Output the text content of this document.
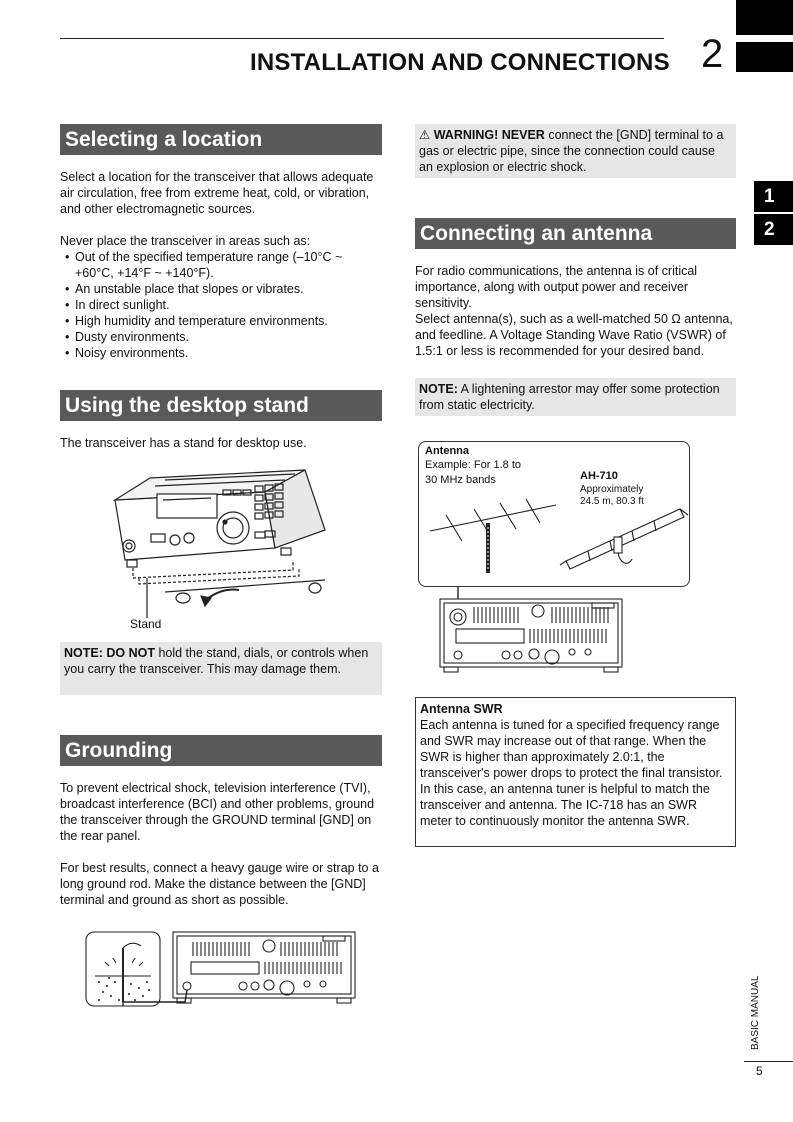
INSTALLATION AND CONNECTIONS 2
1
2
Selecting a location

Select a location for the transceiver that allows adequate air circulation, free from extreme heat, cold, or vibration, and other electromagnetic sources.

Never place the transceiver in areas such as:

• Out of the specified temperature range (–10°C ~ +60°C, +14°F ~ +140°F).
• An unstable place that slopes or vibrates.
• In direct sunlight.
• High humidity and temperature environments.
• Dusty environments.
• Noisy environments.
Using the desktop stand
The transceiver has a stand for desktop use.
Stand
NOTE: DO NOT hold the stand, dials, or controls when you carry the transceiver. This may damage them.
Grounding

To prevent electrical shock, television interference (TVI), broadcast interference (BCI) and other problems, ground the transceiver through the GROUND terminal [GND] on the rear panel.

For best results, connect a heavy gauge wire or strap to a long ground rod. Make the distance between the [GND] terminal and ground as short as possible.

⚠ WARNING! NEVER connect the [GND] terminal to a gas or electric pipe, since the connection could cause an explosion or electric shock.
Connecting an antenna

For radio communications, the antenna is of critical importance, along with output power and receiver sensitivity.

Select antenna(s), such as a well-matched 50 Ω antenna, and feedline. A Voltage Standing Wave Ratio (VSWR) of 1.5:1 or less is recommended for your desired band.

NOTE: A lightening arrestor may offer some protection from static electricity.
Antenna
Example: For 1.8 to
30 MHz bands	AH-710
Approximately
24.5 m, 80.3 ft
Antenna SWR
Each antenna is tuned for a specified frequency range and SWR may increase out of that range. When the SWR is higher than approximately 2.0:1, the transceiver's power drops to protect the final transistor.
In this case, an antenna tuner is helpful to match the transceiver and antenna. The IC-718 has an SWR meter to continuously monitor the antenna SWR.
BASIC MANUAL
5
